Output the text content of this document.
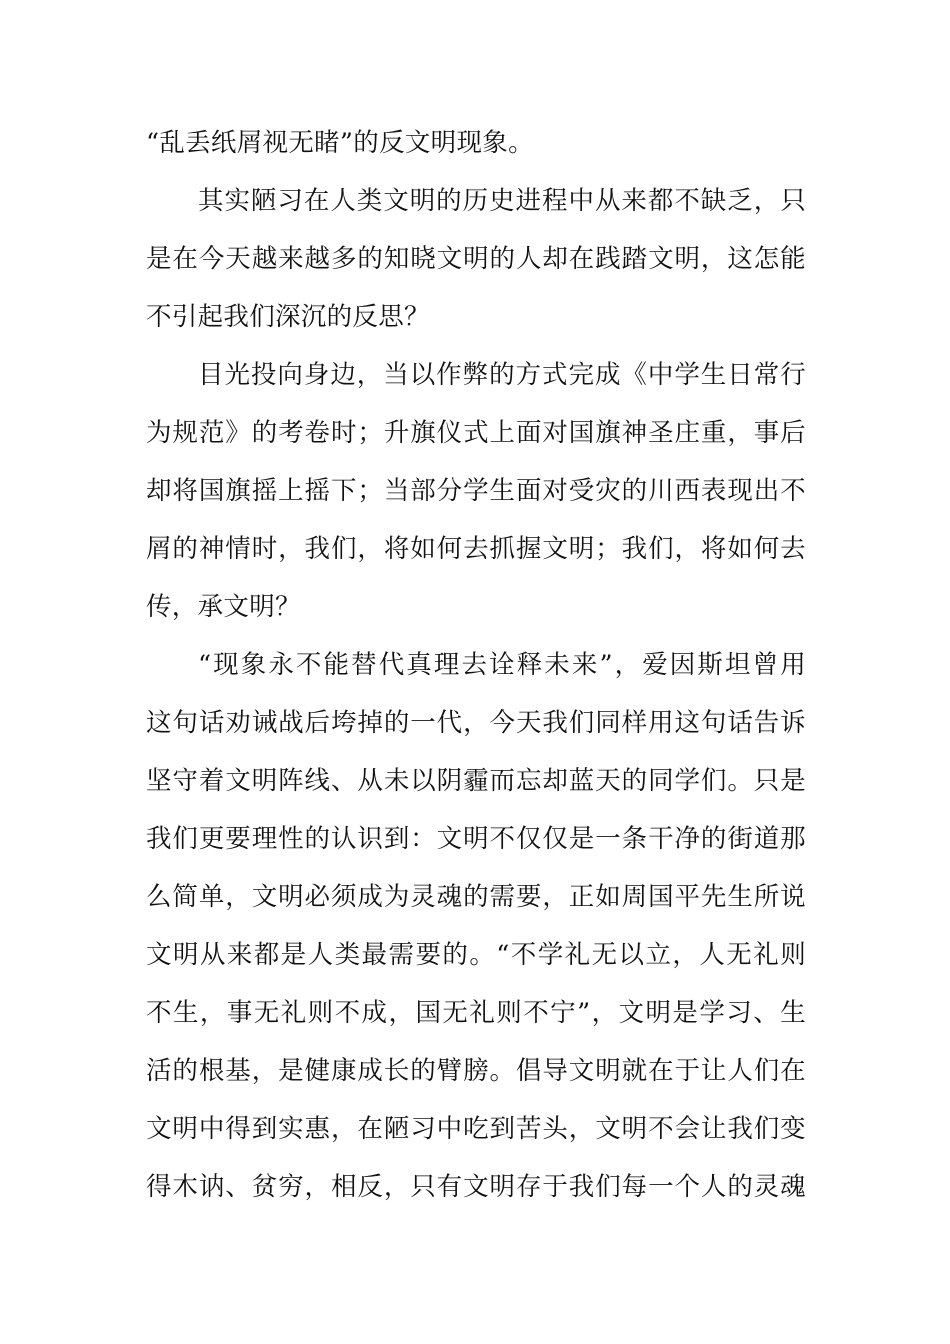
“乱丢纸屑视无睹”的反文明现象。
其实陋习在人类文明的历史进程中从来都不缺乏，只
是在今天越来越多的知晓文明的人却在践踏文明，这怎能
不引起我们深沉的反思？
目光投向身边，当以作弊的方式完成《中学生日常行
为规范》的考卷时；升旗仪式上面对国旗神圣庄重，事后
却将国旗摇上摇下；当部分学生面对受灾的川西表现出不
屑的神情时，我们，将如何去抓握文明；我们，将如何去
传，承文明？
“现象永不能替代真理去诠释未来”，爱因斯坦曾用
这句话劝诫战后垮掉的一代，今天我们同样用这句话告诉
坚守着文明阵线、从未以阴霾而忘却蓝天的同学们。只是
我们更要理性的认识到：文明不仅仅是一条干净的街道那
么简单，文明必须成为灵魂的需要，正如周国平先生所说
文明从来都是人类最需要的。“不学礼无以立，人无礼则
不生，事无礼则不成，国无礼则不宁”，文明是学习、生
活的根基，是健康成长的臂膀。倡导文明就在于让人们在
文明中得到实惠，在陋习中吃到苦头，文明不会让我们变
得木讷、贫穷，相反，只有文明存于我们每一个人的灵魂
